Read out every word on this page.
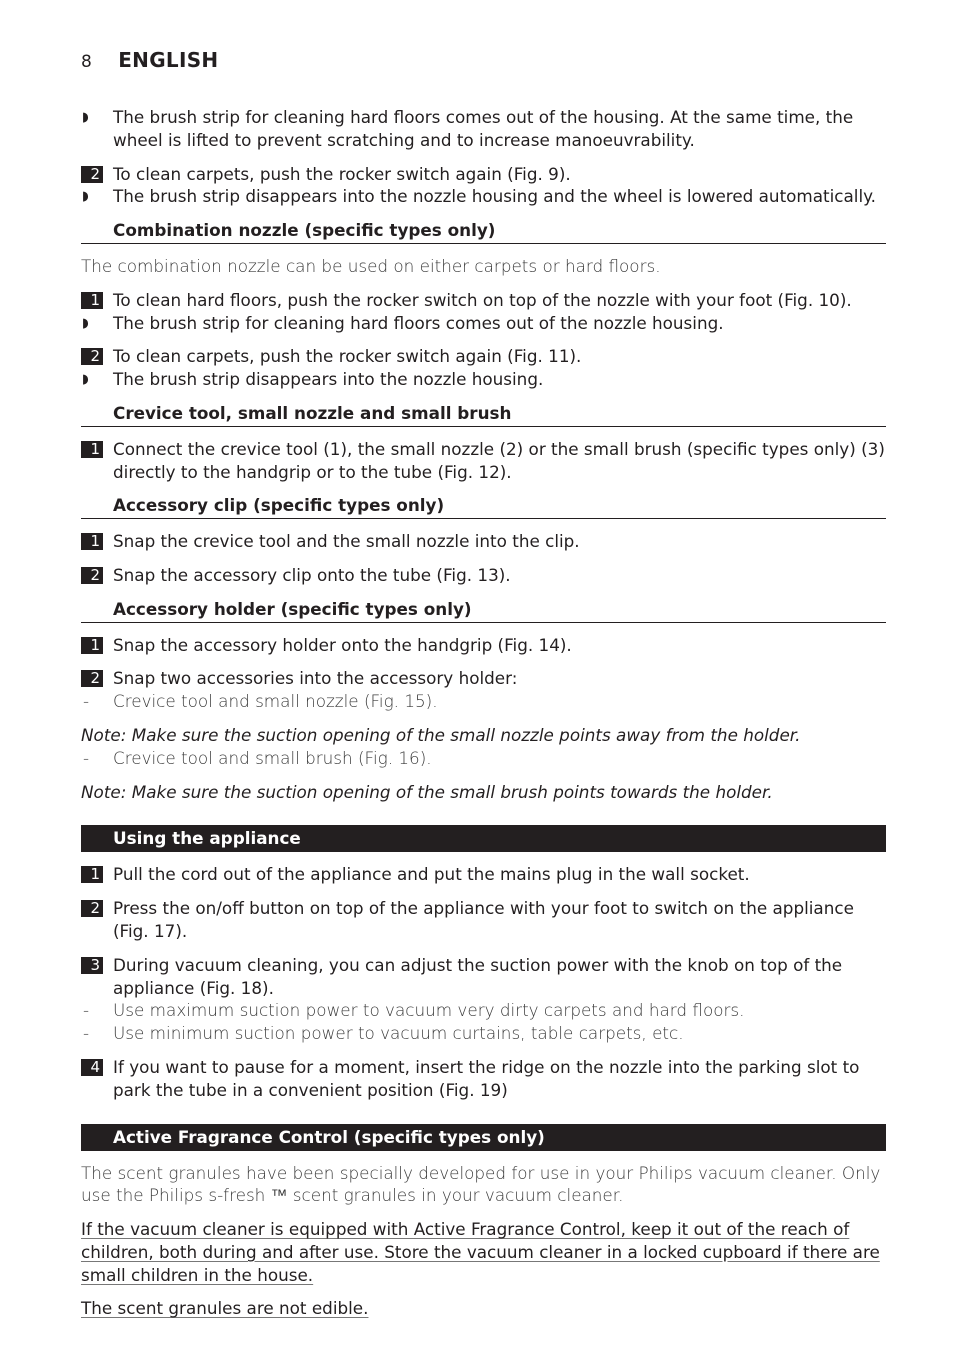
8 ENGLISH
◗ The brush strip for cleaning hard floors comes out of the housing. At the same time, the wheel is lifted to prevent scratching and to increase manoeuvrability.
2 To clean carpets, push the rocker switch again (Fig. 9).
◗ The brush strip disappears into the nozzle housing and the wheel is lowered automatically.
Combination nozzle (specific types only)
The combination nozzle can be used on either carpets or hard floors.
1 To clean hard floors, push the rocker switch on top of the nozzle with your foot (Fig. 10).
◗ The brush strip for cleaning hard floors comes out of the nozzle housing.
2 To clean carpets, push the rocker switch again (Fig. 11).
◗ The brush strip disappears into the nozzle housing.
Crevice tool, small nozzle and small brush
1 Connect the crevice tool (1), the small nozzle (2) or the small brush (specific types only) (3) directly to the handgrip or to the tube (Fig. 12).
Accessory clip (specific types only)
1 Snap the crevice tool and the small nozzle into the clip.
2 Snap the accessory clip onto the tube (Fig. 13).
Accessory holder (specific types only)
1 Snap the accessory holder onto the handgrip (Fig. 14).
2 Snap two accessories into the accessory holder:
- Crevice tool and small nozzle (Fig. 15).
Note: Make sure the suction opening of the small nozzle points away from the holder.
- Crevice tool and small brush (Fig. 16).
Note: Make sure the suction opening of the small brush points towards the holder.
Using the appliance
1 Pull the cord out of the appliance and put the mains plug in the wall socket.
2 Press the on/off button on top of the appliance with your foot to switch on the appliance (Fig. 17).
3 During vacuum cleaning, you can adjust the suction power with the knob on top of the appliance (Fig. 18).
- Use maximum suction power to vacuum very dirty carpets and hard floors.
- Use minimum suction power to vacuum curtains, table carpets, etc.
4 If you want to pause for a moment, insert the ridge on the nozzle into the parking slot to park the tube in a convenient position (Fig. 19)
Active Fragrance Control (specific types only)
The scent granules have been specially developed for use in your Philips vacuum cleaner. Only use the Philips s-fresh ™ scent granules in your vacuum cleaner.
If the vacuum cleaner is equipped with Active Fragrance Control, keep it out of the reach of children, both during and after use. Store the vacuum cleaner in a locked cupboard if there are small children in the house.
The scent granules are not edible.
